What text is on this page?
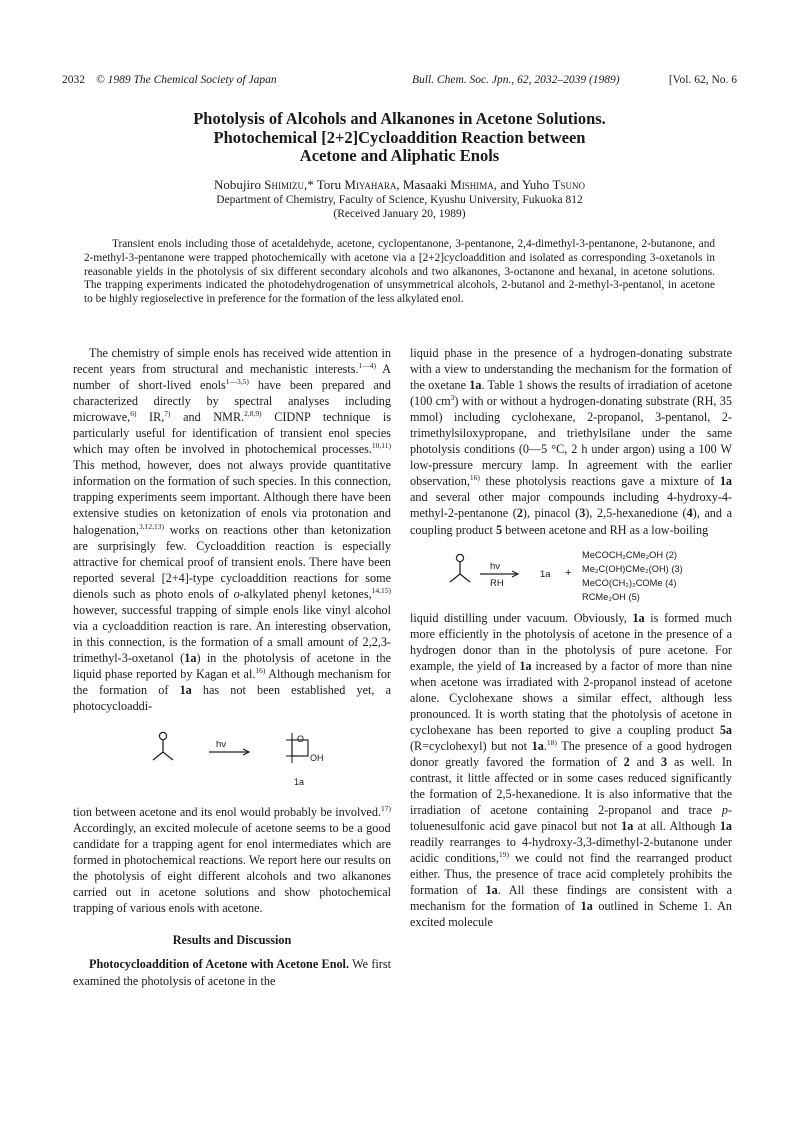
2032 © 1989 The Chemical Society of Japan	Bull. Chem. Soc. Jpn., 62, 2032–2039 (1989)	[Vol. 62, No. 6
Photolysis of Alcohols and Alkanones in Acetone Solutions.
Photochemical [2+2]Cycloaddition Reaction between
Acetone and Aliphatic Enols
Nobujiro Shimizu,* Toru Miyahara, Masaaki Mishima, and Yuho Tsuno
Department of Chemistry, Faculty of Science, Kyushu University, Fukuoka 812
(Received January 20, 1989)

Transient enols including those of acetaldehyde, acetone, cyclopentanone, 3-pentanone, 2,4-dimethyl-3-pentanone, 2-butanone, and 2-methyl-3-pentanone were trapped photochemically with acetone via a [2+2]cycloaddition and isolated as corresponding 3-oxetanols in reasonable yields in the photolysis of six different secondary alcohols and two alkanones, 3-octanone and hexanal, in acetone solutions. The trapping experiments indicated the photodehydrogenation of unsymmetrical alcohols, 2-butanol and 2-methyl-3-pentanol, in acetone to be highly regioselective in preference for the formation of the less alkylated enol.

The chemistry of simple enols has received wide attention in recent years from structural and mechanistic interests.$^{1—4)}$ A number of short-lived enols$^{1—3,5)}$ have been prepared and characterized directly by spectral analyses including microwave,$^{6)}$ IR,$^{7)}$ and NMR.$^{2,8,9)}$ CIDNP technique is particularly useful for identification of transient enol species which may often be involved in photochemical processes.$^{10,11)}$ This method, however, does not always provide quantitative information on the formation of such species. In this connection, trapping experiments seem important. Although there have been extensive studies on ketonization of enols via protonation and halogenation,$^{3,12,13)}$ works on reactions other than ketonization are surprisingly few. Cycloaddition reaction is especially attractive for chemical proof of transient enols. There have been reported several [2+4]-type cycloaddition reactions for some dienols such as photo enols of o-alkylated phenyl ketones,$^{14,15)}$ however, successful trapping of simple enols like vinyl alcohol via a cycloaddition reaction is rare. An interesting observation, in this connection, is the formation of a small amount of 2,2,3-trimethyl-3-oxetanol (1a) in the photolysis of acetone in the liquid phase reported by Kagan et al.$^{16)}$ Although mechanism for the formation of 1a has not been established yet, a photocycloaddi-

hν	O
OH
1a

tion between acetone and its enol would probably be involved.$^{17)}$ Accordingly, an excited molecule of acetone seems to be a good candidate for a trapping agent for enol intermediates which are formed in photochemical reactions. We report here our results on the photolysis of eight different alcohols and two alkanones carried out in acetone solutions and show photochemical trapping of various enols with acetone.

Results and Discussion

Photocycloaddition of Acetone with Acetone Enol. We first examined the photolysis of acetone in the

liquid phase in the presence of a hydrogen-donating substrate with a view to understanding the mechanism for the formation of the oxetane 1a. Table 1 shows the results of irradiation of acetone (100 $cm^3$) with or without a hydrogen-donating substrate (RH, 35 mmol) including cyclohexane, 2-propanol, 3-pentanol, 2-trimethylsiloxypropane, and triethylsilane under the same photolysis conditions (0—5 °C, 2 h under argon) using a 100 W low-pressure mercury lamp. In agreement with the earlier observation,$^{16)}$ these photolysis reactions gave a mixture of 1a and several other major compounds including 4-hydroxy-4-methyl-2-pentanone (2), pinacol (3), 2,5-hexanedione (4), and a coupling product 5 between acetone and RH as a low-boiling

hν
RH
1a +
MeCOCH₂CMe₂OH (2)
Me₂C(OH)CMe₂(OH) (3)
MeCO(CH₂)₂COMe (4)
RCMe₂OH (5)

liquid distilling under vacuum. Obviously, 1a is formed much more efficiently in the photolysis of acetone in the presence of a hydrogen donor than in the photolysis of pure acetone. For example, the yield of 1a increased by a factor of more than nine when acetone was irradiated with 2-propanol instead of acetone alone. Cyclohexane shows a similar effect, although less pronounced. It is worth stating that the photolysis of acetone in cyclohexane has been reported to give a coupling product 5a (R=cyclohexyl) but not 1a.$^{18)}$ The presence of a good hydrogen donor greatly favored the formation of 2 and 3 as well. In contrast, it little affected or in some cases reduced significantly the formation of 2,5-hexanedione. It is also informative that the irradiation of acetone containing 2-propanol and trace p-toluenesulfonic acid gave pinacol but not 1a at all. Although 1a readily rearranges to 4-hydroxy-3,3-dimethyl-2-butanone under acidic conditions,$^{19)}$ we could not find the rearranged product either. Thus, the presence of trace acid completely prohibits the formation of 1a. All these findings are consistent with a mechanism for the formation of 1a outlined in Scheme 1. An excited molecule
